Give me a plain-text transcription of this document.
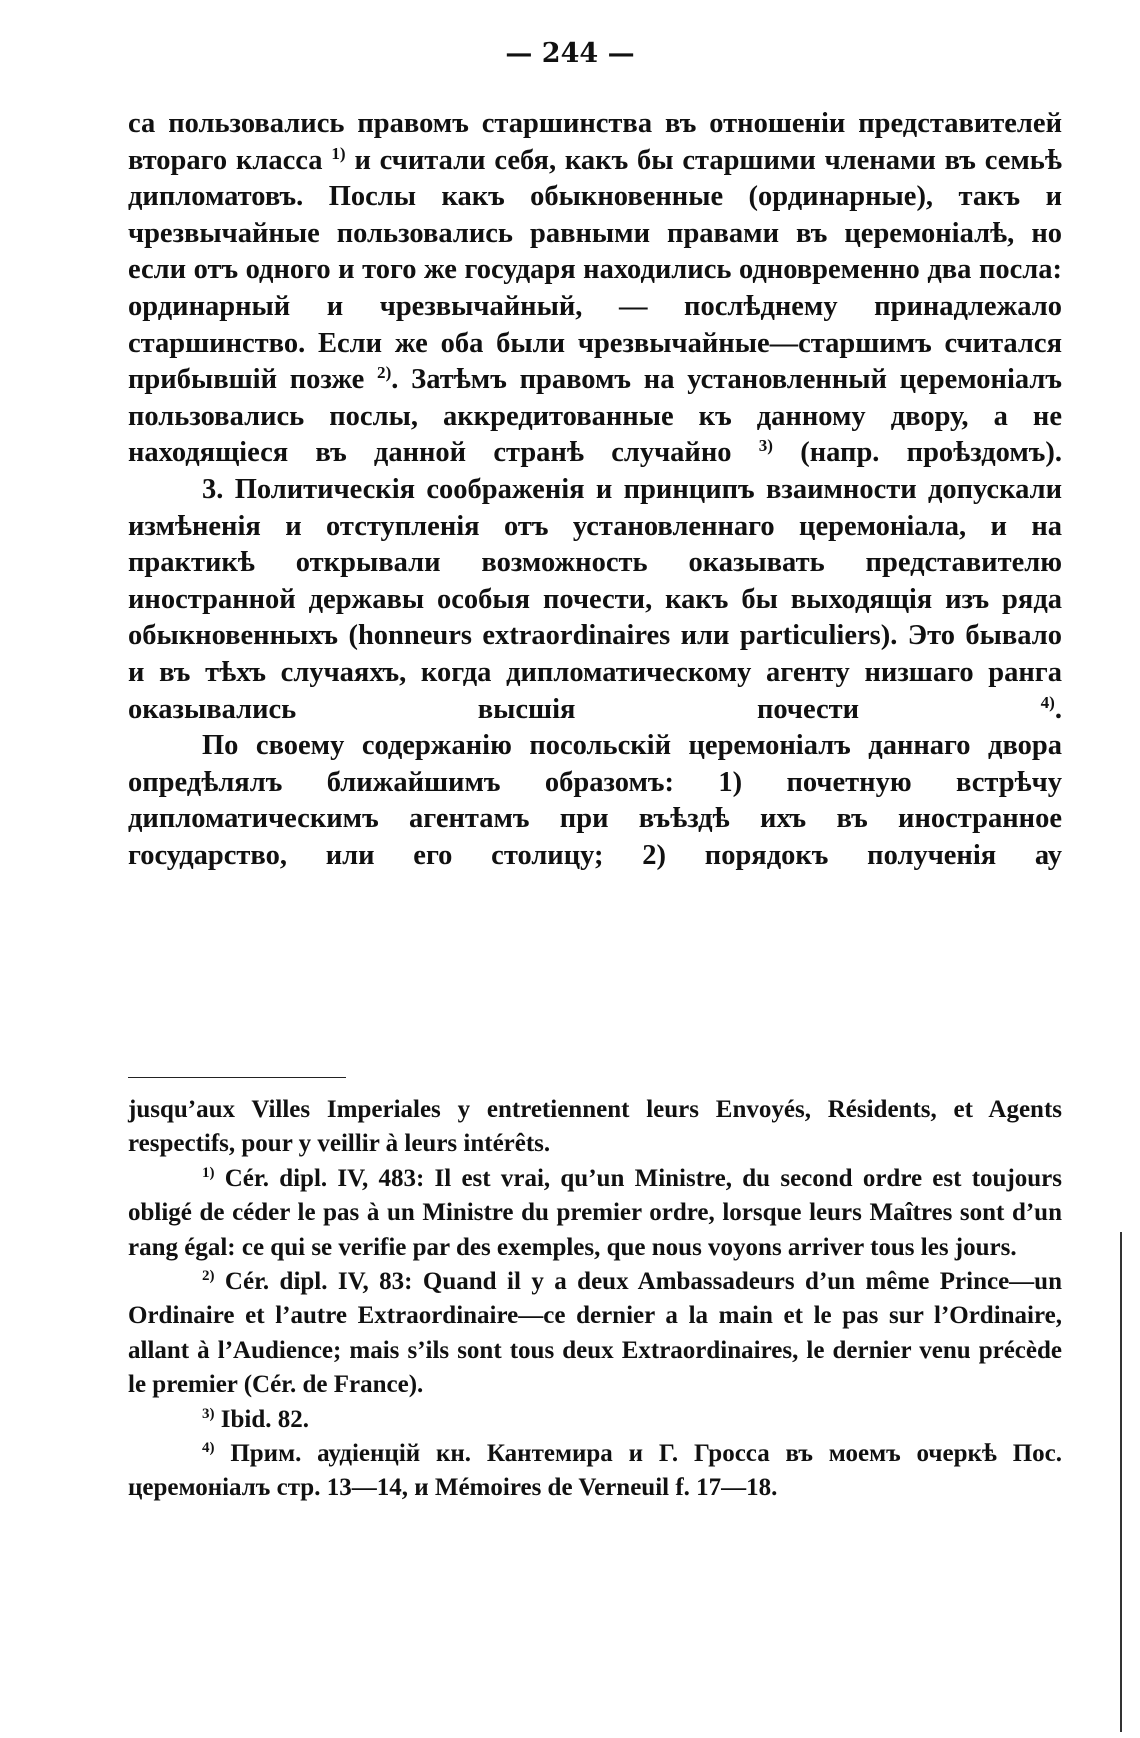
— 244 —

са пользовались правомъ старшинства въ отношенiи представителей втораго класса $^{1)}$ и считали себя, какъ бы старшими членами въ семьѣ дипломатовъ. Послы какъ обыкновенные (ординарные), такъ и чрезвычайные пользовались равными правами въ церемонiалѣ, но если отъ одного и того же государя находились одновременно два посла: ординарный и чрезвычайный, — послѣднему принадлежало старшинство. Если же оба были чрезвычайные—старшимъ считался прибывшiй позже $^{2)}$. Затѣмъ правомъ на установленный церемонiалъ пользовались послы, аккредитованные къ данному двору, а не находящiеся въ данной странѣ случайно $^{3)}$ (напр. проѣздомъ).

3. Политическiя соображенiя и принципъ взаимности допускали измѣненiя и отступленiя отъ установленнаго церемонiала, и на практикѣ открывали возможность оказывать представителю иностранной державы особыя почести, какъ бы выходящiя изъ ряда обыкновенныхъ (honneurs extraordinaires или particuliers). Это бывало и въ тѣхъ случаяхъ, когда дипломатическому агенту низшаго ранга оказывались высшiя почести $^{4)}$.

По своему содержанiю посольскiй церемонiалъ даннаго двора опредѣлялъ ближайшимъ образомъ: 1) почетную встрѣчу дипломатическимъ агентамъ при въѣздѣ ихъ въ иностранное государство, или его столицу; 2) порядокъ полученiя ау

jusqu’aux Villes Imperiales y entretiennent leurs Envoyés, Résidents, et Agents respectifs, pour y veillir à leurs intérêts.

$^{1)}$ Cér. dipl. IV, 483: Il est vrai, qu’un Ministre, du second ordre est toujours obligé de céder le pas à un Ministre du premier ordre, lorsque leurs Maîtres sont d’un rang égal: ce qui se verifie par des exemples, que nous voyons arriver tous les jours.

$^{2)}$ Cér. dipl. IV, 83: Quand il y a deux Ambassadeurs d’un même Prince—un Ordinaire et l’autre Extraordinaire—ce dernier a la main et le pas sur l’Ordinaire, allant à l’Audience; mais s’ils sont tous deux Extraordinaires, le dernier venu précède le premier (Cér. de France).

$^{3)}$ Ibid. 82.

$^{4)}$ Прим. аудiенцiй кн. Кантемира и Г. Гросса въ моемъ очеркѣ Пос. церемонiалъ стр. 13—14, и Mémoires de Verneuil f. 17—18.
